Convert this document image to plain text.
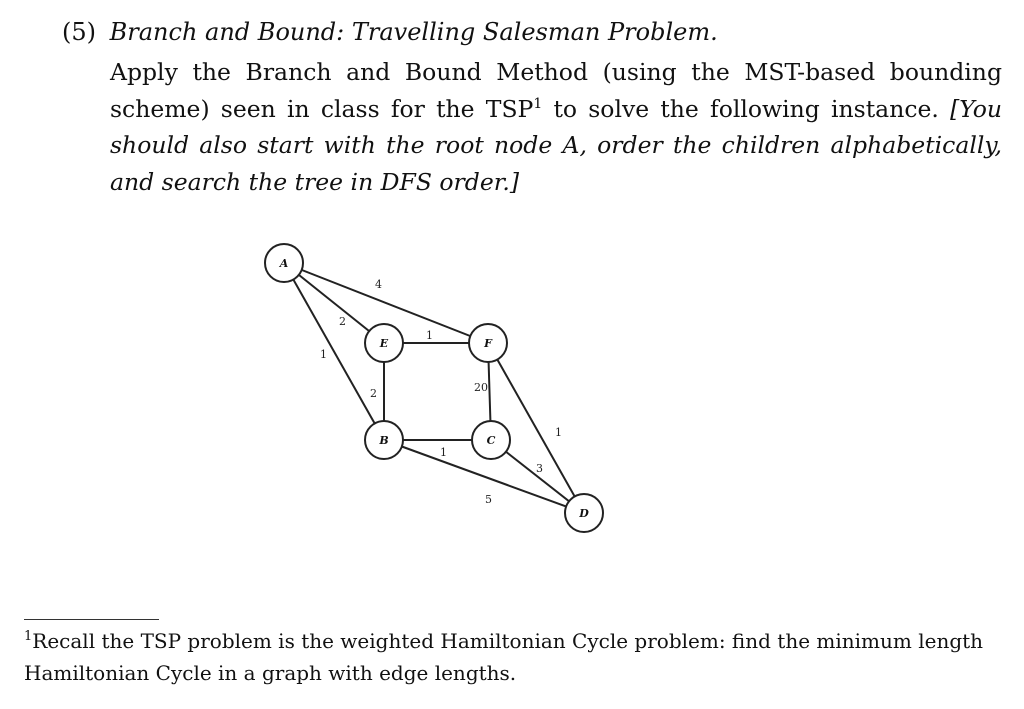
(5) Branch and Bound: Travelling Salesman Problem.
Apply the Branch and Bound Method (using the MST-based bounding scheme) seen in class for the TSP$^1$ to solve the following instance. [You should also start with the root node A, order the children alphabetically, and search the tree in DFS order.]
4
2
1
1
2	20
1
1
3
5
A
E	F
B	C
D
$^1$Recall the TSP problem is the weighted Hamiltonian Cycle problem: find the minimum length Hamiltonian Cycle in a graph with edge lengths.
